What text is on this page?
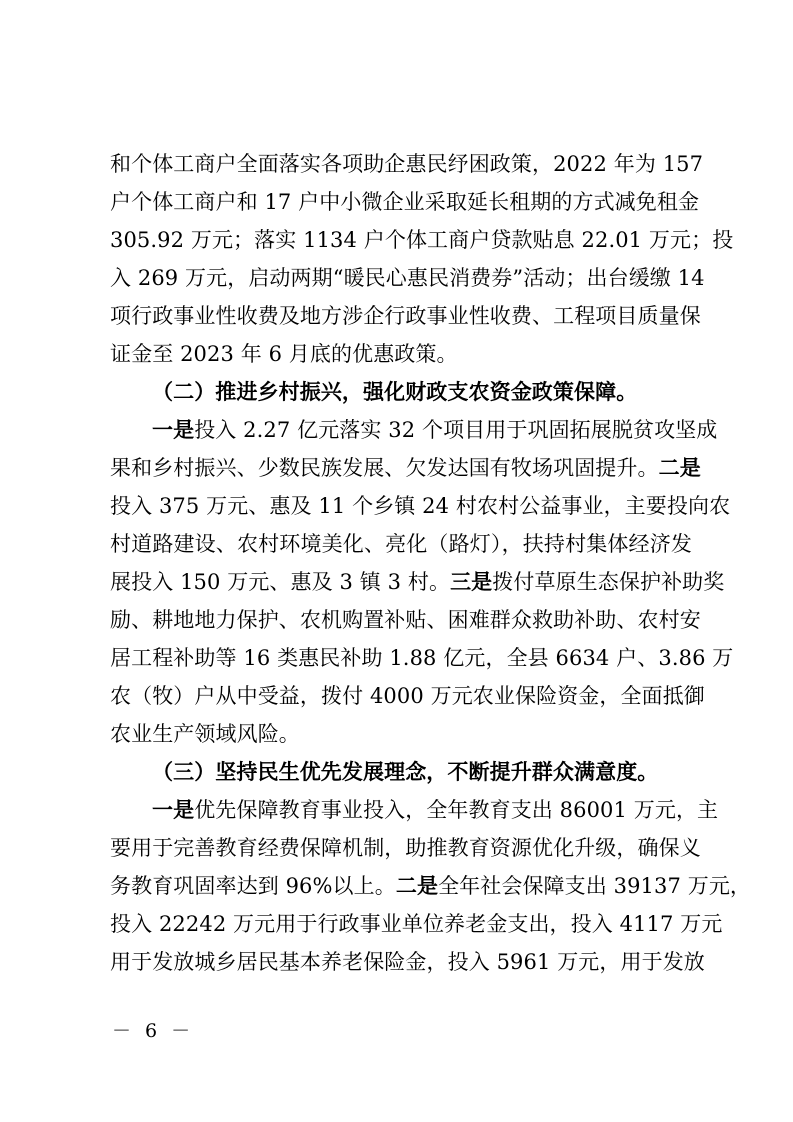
和个体工商户全面落实各项助企惠民纾困政策，2022 年为 157
户个体工商户和 17 户中小微企业采取延长租期的方式减免租金
305.92 万元；落实 1134 户个体工商户贷款贴息 22.01 万元；投
入 269 万元，启动两期“暖民心惠民消费券”活动；出台缓缴 14
项行政事业性收费及地方涉企行政事业性收费、工程项目质量保
证金至 2023 年 6 月底的优惠政策。
（二）推进乡村振兴，强化财政支农资金政策保障。
一是投入 2.27 亿元落实 32 个项目用于巩固拓展脱贫攻坚成
果和乡村振兴、少数民族发展、欠发达国有牧场巩固提升。二是
投入 375 万元、惠及 11 个乡镇 24 村农村公益事业，主要投向农
村道路建设、农村环境美化、亮化（路灯），扶持村集体经济发
展投入 150 万元、惠及 3 镇 3 村。三是拨付草原生态保护补助奖
励、耕地地力保护、农机购置补贴、困难群众救助补助、农村安
居工程补助等 16 类惠民补助 1.88 亿元，全县 6634 户、3.86 万
农（牧）户从中受益，拨付 4000 万元农业保险资金，全面抵御
农业生产领域风险。
（三）坚持民生优先发展理念，不断提升群众满意度。
一是优先保障教育事业投入，全年教育支出 86001 万元，主
要用于完善教育经费保障机制，助推教育资源优化升级，确保义
务教育巩固率达到 96%以上。二是全年社会保障支出 39137 万元，
投入 22242 万元用于行政事业单位养老金支出，投入 4117 万元
用于发放城乡居民基本养老保险金，投入 5961 万元，用于发放
－ 6 －
